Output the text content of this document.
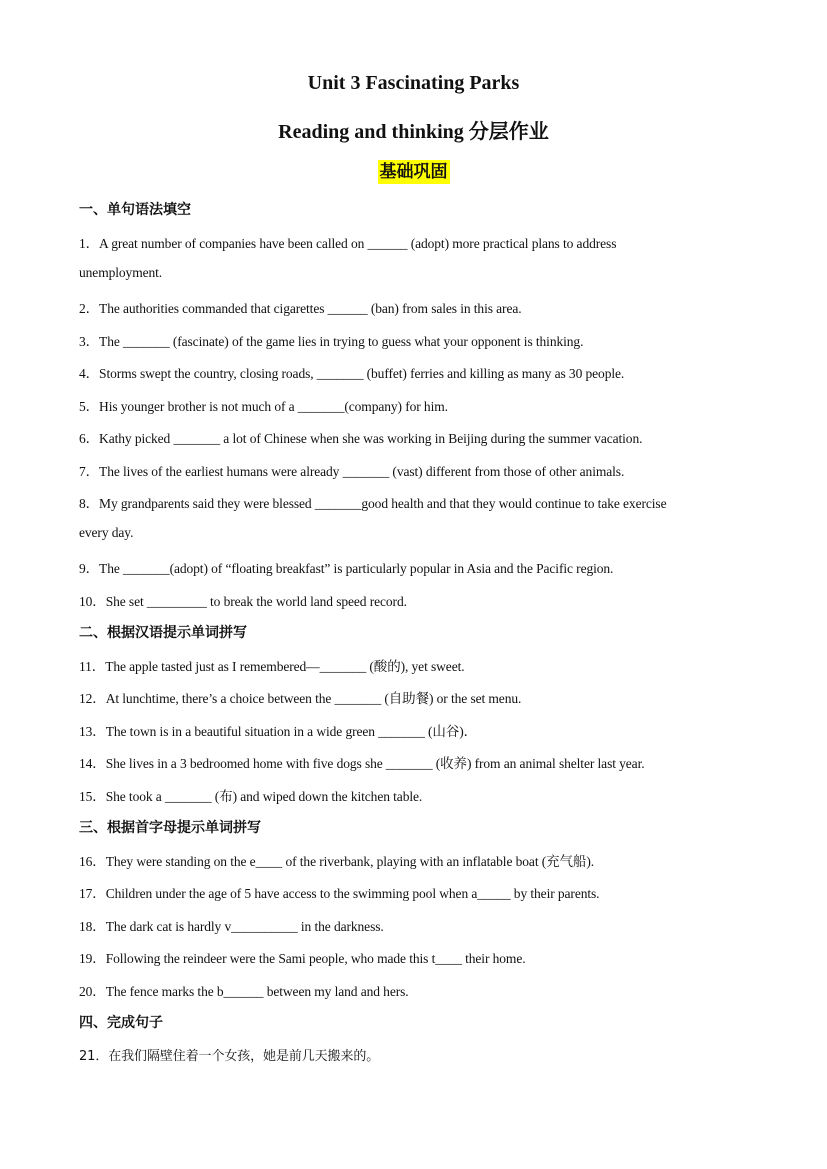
Unit 3 Fascinating Parks
Reading and thinking 分层作业
基础巩固
一、单句语法填空
1．A great number of companies have been called on ______ (adopt) more practical plans to address
unemployment.
2．The authorities commanded that cigarettes ______ (ban) from sales in this area.
3．The _______ (fascinate) of the game lies in trying to guess what your opponent is thinking.
4．Storms swept the country, closing roads, _______ (buffet) ferries and killing as many as 30 people.
5．His younger brother is not much of a _______(company) for him.
6．Kathy picked _______ a lot of Chinese when she was working in Beijing during the summer vacation.
7．The lives of the earliest humans were already _______ (vast) different from those of other animals.
8．My grandparents said they were blessed _______good health and that they would continue to take exercise
every day.
9．The _______(adopt) of “floating breakfast” is particularly popular in Asia and the Pacific region.
10．She set _________ to break the world land speed record.
二、根据汉语提示单词拼写
11．The apple tasted just as I remembered—_______ (酸的), yet sweet.
12．At lunchtime, there’s a choice between the _______ (自助餐) or the set menu.
13．The town is in a beautiful situation in a wide green _______ (山谷)．
14．She lives in a 3 bedroomed home with five dogs she _______ (收养) from an animal shelter last year.
15．She took a _______ (布) and wiped down the kitchen table.
三、根据首字母提示单词拼写
16．They were standing on the e____ of the riverbank, playing with an inflatable boat (充气船).
17．Children under the age of 5 have access to the swimming pool when a_____ by their parents.
18．The dark cat is hardly v__________ in the darkness.
19．Following the reindeer were the Sami people, who made this t____ their home.
20．The fence marks the b______ between my land and hers.
四、完成句子
21．在我们隔壁住着一个女孩，她是前几天搬来的。
